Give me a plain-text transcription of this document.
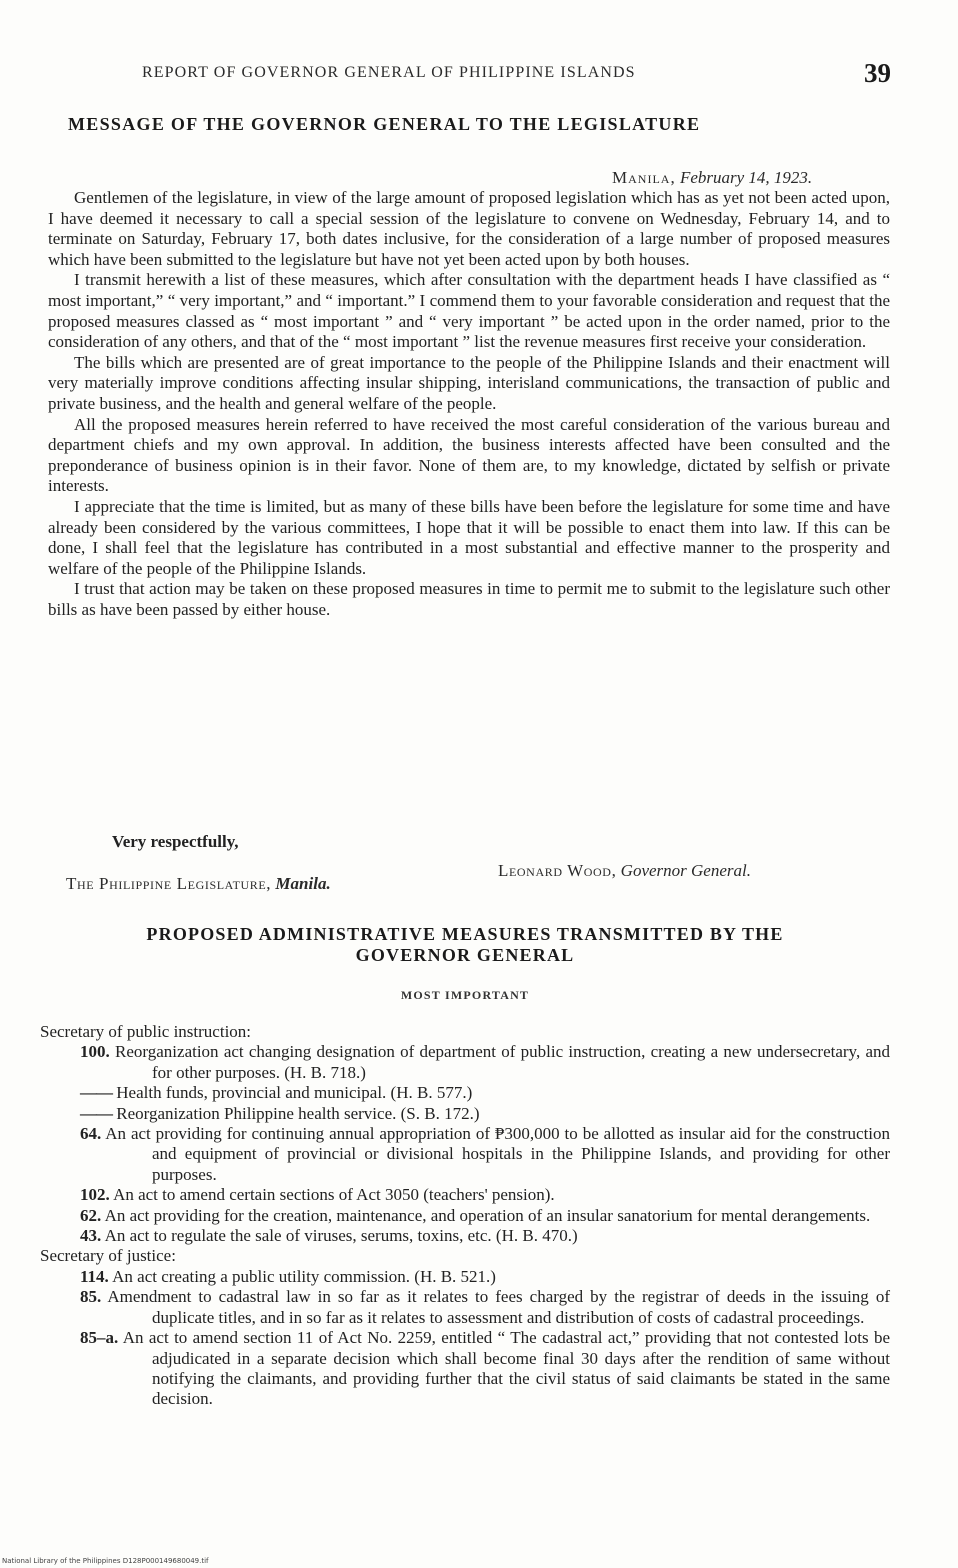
REPORT OF GOVERNOR GENERAL OF PHILIPPINE ISLANDS	39
MESSAGE OF THE GOVERNOR GENERAL TO THE LEGISLATURE
Manila, February 14, 1923.

Gentlemen of the legislature, in view of the large amount of proposed legislation which has as yet not been acted upon, I have deemed it necessary to call a special session of the legislature to convene on Wednesday, February 14, and to terminate on Saturday, February 17, both dates inclusive, for the consideration of a large number of proposed measures which have been submitted to the legislature but have not yet been acted upon by both houses.

I transmit herewith a list of these measures, which after consultation with the department heads I have classified as “ most important,” “ very important,” and “ important.” I commend them to your favorable consideration and request that the proposed measures classed as “ most important ” and “ very important ” be acted upon in the order named, prior to the consideration of any others, and that of the “ most important ” list the revenue measures first receive your consideration.

The bills which are presented are of great importance to the people of the Philippine Islands and their enactment will very materially improve conditions affecting insular shipping, interisland communications, the transaction of public and private business, and the health and general welfare of the people.

All the proposed measures herein referred to have received the most careful consideration of the various bureau and department chiefs and my own approval. In addition, the business interests affected have been consulted and the preponderance of business opinion is in their favor. None of them are, to my knowledge, dictated by selfish or private interests.

I appreciate that the time is limited, but as many of these bills have been before the legislature for some time and have already been considered by the various committees, I hope that it will be possible to enact them into law. If this can be done, I shall feel that the legislature has contributed in a most substantial and effective manner to the prosperity and welfare of the people of the Philippine Islands.

I trust that action may be taken on these proposed measures in time to permit me to submit to the legislature such other bills as have been passed by either house.

Very respectfully,
Leonard Wood, Governor General.
The Philippine Legislature, Manila.
PROPOSED ADMINISTRATIVE MEASURES TRANSMITTED BY THE
GOVERNOR GENERAL
MOST IMPORTANT
Secretary of public instruction:
100. Reorganization act changing designation of department of public instruction, creating a new undersecretary, and for other purposes. (H. B. 718.)
—— Health funds, provincial and municipal. (H. B. 577.)
—— Reorganization Philippine health service. (S. B. 172.)
64. An act providing for continuing annual appropriation of ₱300,000 to be allotted as insular aid for the construction and equipment of provincial or divisional hospitals in the Philippine Islands, and providing for other purposes.
102. An act to amend certain sections of Act 3050 (teachers' pension).
62. An act providing for the creation, maintenance, and operation of an insular sanatorium for mental derangements.
43. An act to regulate the sale of viruses, serums, toxins, etc. (H. B. 470.)
Secretary of justice:
114. An act creating a public utility commission. (H. B. 521.)
85. Amendment to cadastral law in so far as it relates to fees charged by the registrar of deeds in the issuing of duplicate titles, and in so far as it relates to assessment and distribution of costs of cadastral proceedings.
85–a. An act to amend section 11 of Act No. 2259, entitled “ The cadastral act,” providing that not contested lots be adjudicated in a separate decision which shall become final 30 days after the rendition of same without notifying the claimants, and providing further that the civil status of said claimants be stated in the same decision.
National Library of the Philippines D128P000149680049.tif
